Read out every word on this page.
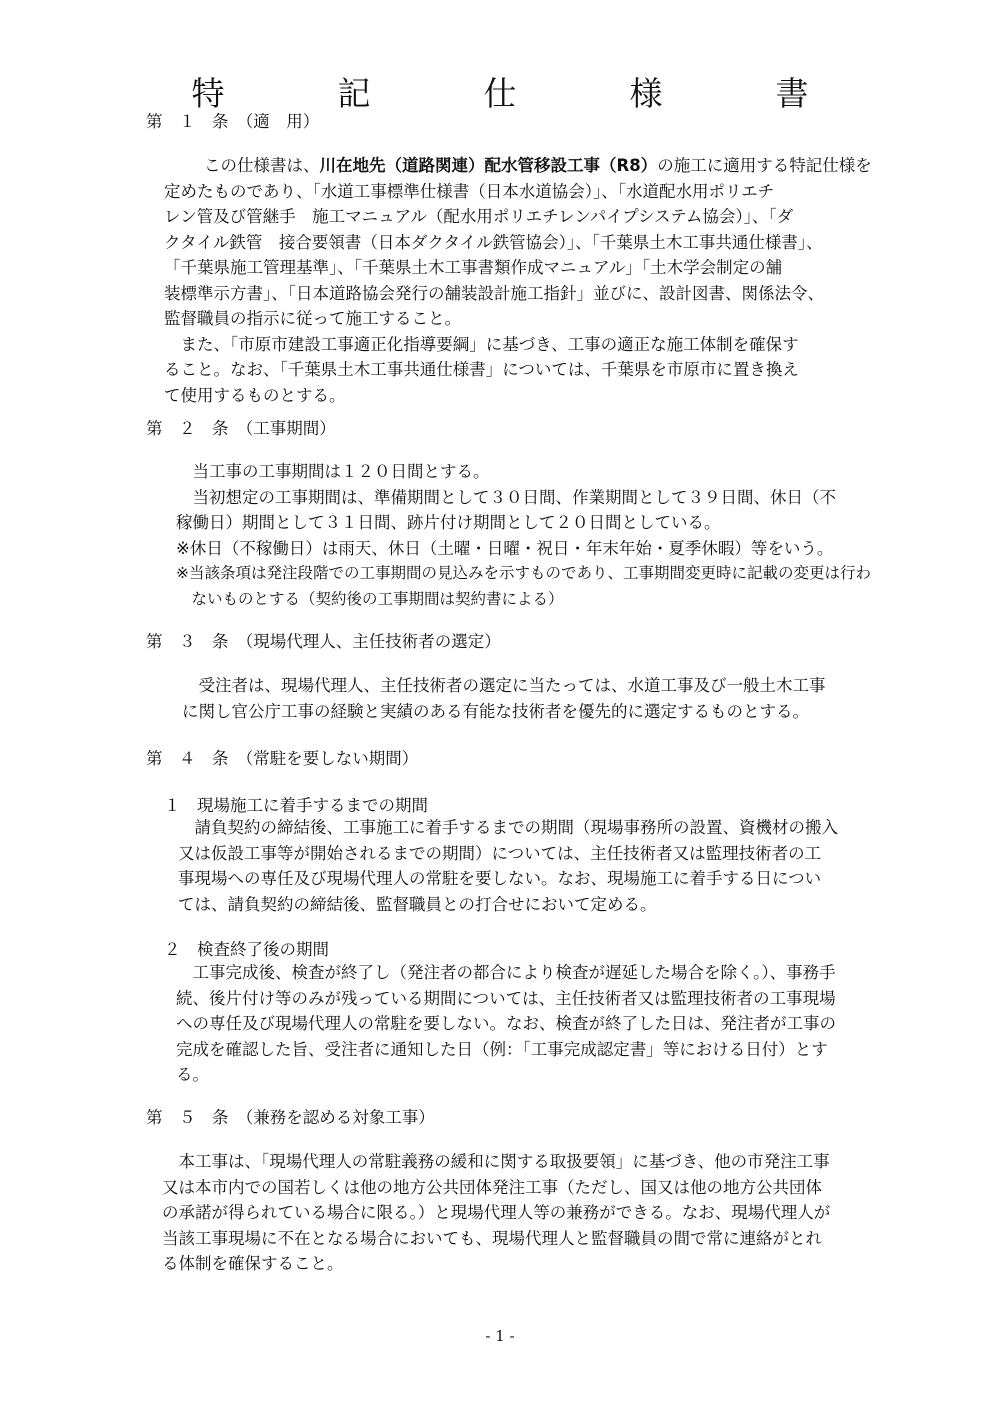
特　記　仕　様　書
第　１　条　（適　用）
この仕様書は、川在地先（道路関連）配水管移設工事（R8）の施工に適用する特記仕様を
定めたものであり、「水道工事標準仕様書（日本水道協会）」、「水道配水用ポリエチ
レン管及び管継手　施工マニュアル（配水用ポリエチレンパイプシステム協会）」、「ダ
クタイル鉄管　接合要領書（日本ダクタイル鉄管協会）」、「千葉県土木工事共通仕様書」、
「千葉県施工管理基準」、「千葉県土木工事書類作成マニュアル」「土木学会制定の舗
装標準示方書」、「日本道路協会発行の舗装設計施工指針」並びに、設計図書、関係法令、
監督職員の指示に従って施工すること。
　また、「市原市建設工事適正化指導要綱」に基づき、工事の適正な施工体制を確保す
ること。なお、「千葉県土木工事共通仕様書」については、千葉県を市原市に置き換え
て使用するものとする。
第　２　条　（工事期間）
　当工事の工事期間は１２０日間とする。
　当初想定の工事期間は、準備期間として３０日間、作業期間として３９日間、休日（不
稼働日）期間として３１日間、跡片付け期間として２０日間としている。
※休日（不稼働日）は雨天、休日（土曜・日曜・祝日・年末年始・夏季休暇）等をいう。
※当該条項は発注段階での工事期間の見込みを示すものであり、工事期間変更時に記載の変更は行わ
　ないものとする（契約後の工事期間は契約書による）
第　３　条　（現場代理人、主任技術者の選定）
　受注者は、現場代理人、主任技術者の選定に当たっては、水道工事及び一般土木工事
に関し官公庁工事の経験と実績のある有能な技術者を優先的に選定するものとする。
第　４　条　（常駐を要しない期間）
１　現場施工に着手するまでの期間
　請負契約の締結後、工事施工に着手するまでの期間（現場事務所の設置、資機材の搬入
又は仮設工事等が開始されるまでの期間）については、主任技術者又は監理技術者の工
事現場への専任及び現場代理人の常駐を要しない。なお、現場施工に着手する日につい
ては、請負契約の締結後、監督職員との打合せにおいて定める。
２　検査終了後の期間
　工事完成後、検査が終了し（発注者の都合により検査が遅延した場合を除く。）、事務手
続、後片付け等のみが残っている期間については、主任技術者又は監理技術者の工事現場
への専任及び現場代理人の常駐を要しない。なお、検査が終了した日は、発注者が工事の
完成を確認した旨、受注者に通知した日（例：「工事完成認定書」等における日付）とす
る。
第　５　条　（兼務を認める対象工事）
　本工事は、「現場代理人の常駐義務の緩和に関する取扱要領」に基づき、他の市発注工事
又は本市内での国若しくは他の地方公共団体発注工事（ただし、国又は他の地方公共団体
の承諾が得られている場合に限る。）と現場代理人等の兼務ができる。なお、現場代理人が
当該工事現場に不在となる場合においても、現場代理人と監督職員の間で常に連絡がとれ
る体制を確保すること。
- 1 -
